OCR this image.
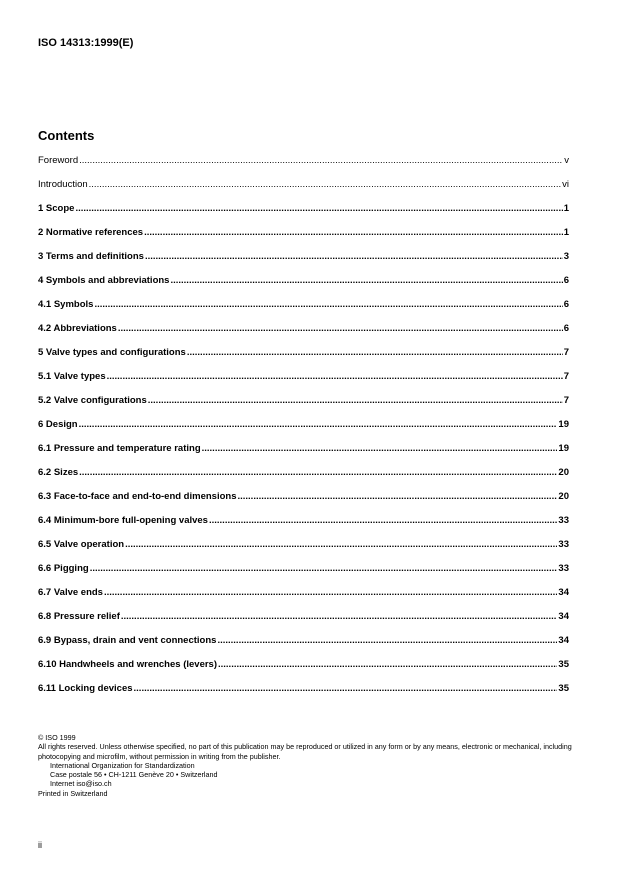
ISO 14313:1999(E)
Contents
Foreword .....	v
Introduction .....	vi
1 Scope .....	1
2 Normative references .....	1
3 Terms and definitions .....	3
4 Symbols and abbreviations .....	6
4.1 Symbols .....	6
4.2 Abbreviations .....	6
5 Valve types and configurations .....	7
5.1 Valve types .....	7
5.2 Valve configurations .....	7
6 Design .....	19
6.1 Pressure and temperature rating .....	19
6.2 Sizes .....	20
6.3 Face-to-face and end-to-end dimensions .....	20
6.4 Minimum-bore full-opening valves .....	33
6.5 Valve operation .....	33
6.6 Pigging .....	33
6.7 Valve ends .....	34
6.8 Pressure relief .....	34
6.9 Bypass, drain and vent connections .....	34
6.10 Handwheels and wrenches (levers) .....	35
6.11 Locking devices .....	35
© ISO 1999
All rights reserved. Unless otherwise specified, no part of this publication may be reproduced or utilized in any form or by any means, electronic or mechanical, including photocopying and microfilm, without permission in writing from the publisher.
International Organization for Standardization
Case postale 56 • CH-1211 Genève 20 • Switzerland
Internet iso@iso.ch
Printed in Switzerland
ii
